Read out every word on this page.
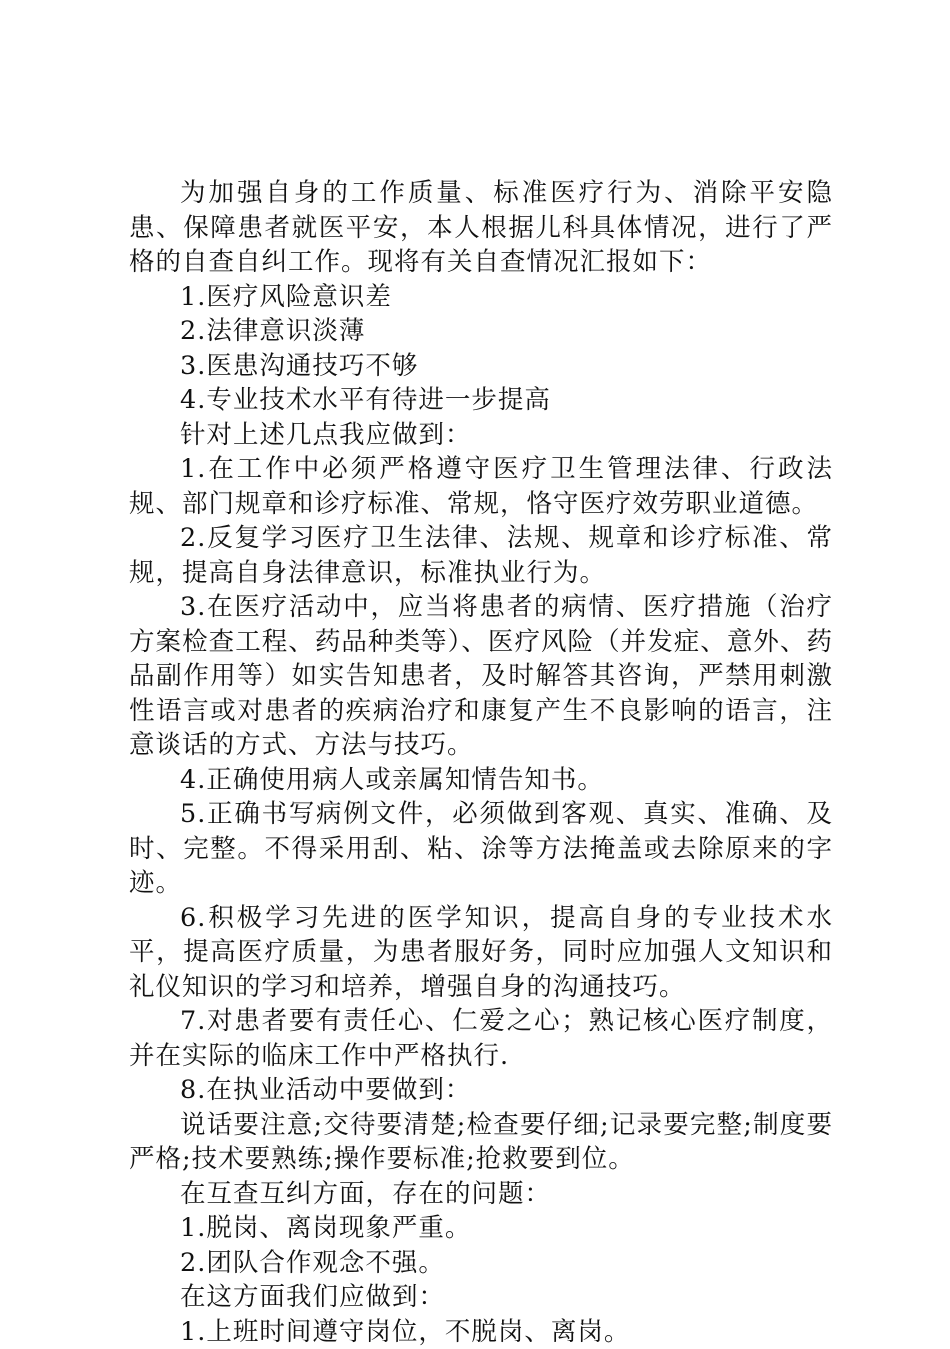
为加强自身的工作质量、标准医疗行为、消除平安隐患、保障患者就医平安，本人根据儿科具体情况，进行了严格的自查自纠工作。现将有关自查情况汇报如下：

1.医疗风险意识差

2.法律意识淡薄

3.医患沟通技巧不够

4.专业技术水平有待进一步提高

针对上述几点我应做到：

1.在工作中必须严格遵守医疗卫生管理法律、行政法规、部门规章和诊疗标准、常规，恪守医疗效劳职业道德。

2.反复学习医疗卫生法律、法规、规章和诊疗标准、常规，提高自身法律意识，标准执业行为。

3.在医疗活动中，应当将患者的病情、医疗措施（治疗方案检查工程、药品种类等）、医疗风险（并发症、意外、药品副作用等）如实告知患者，及时解答其咨询，严禁用刺激性语言或对患者的疾病治疗和康复产生不良影响的语言，注意谈话的方式、方法与技巧。

4.正确使用病人或亲属知情告知书。

5.正确书写病例文件，必须做到客观、真实、准确、及时、完整。不得采用刮、粘、涂等方法掩盖或去除原来的字迹。

6.积极学习先进的医学知识，提高自身的专业技术水平，提高医疗质量，为患者服好务，同时应加强人文知识和礼仪知识的学习和培养，增强自身的沟通技巧。

7.对患者要有责任心、仁爱之心；熟记核心医疗制度，并在实际的临床工作中严格执行.

8.在执业活动中要做到：

说话要注意;交待要清楚;检查要仔细;记录要完整;制度要严格;技术要熟练;操作要标准;抢救要到位。

在互查互纠方面，存在的问题：

1.脱岗、离岗现象严重。

2.团队合作观念不强。

在这方面我们应做到：

1.上班时间遵守岗位，不脱岗、离岗。
